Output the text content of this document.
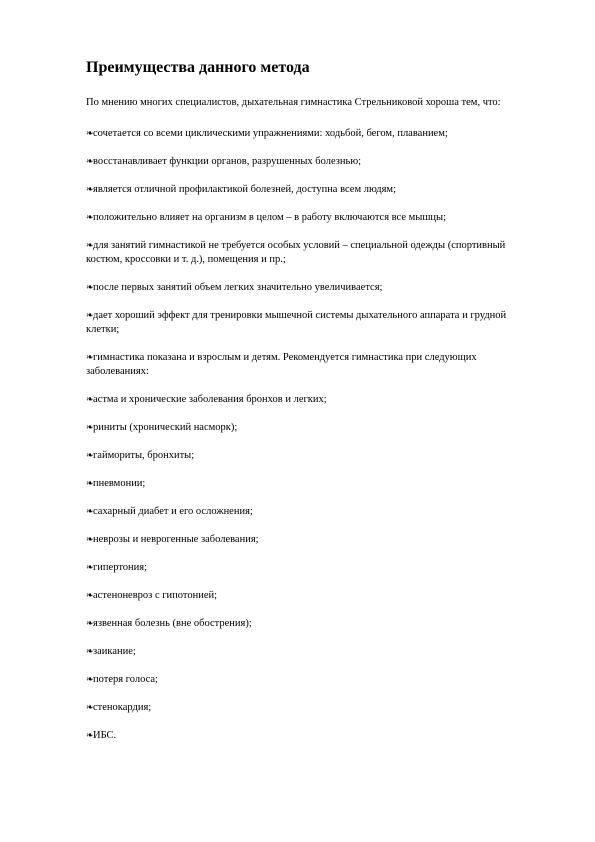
Преимущества данного метода

По мнению многих специалистов, дыхательная гимнастика Стрельниковой хороша тем, что:

❧сочетается со всеми циклическими упражнениями: ходьбой, бегом, плаванием;
❧восстанавливает функции органов, разрушенных болезнью;
❧является отличной профилактикой болезней, доступна всем людям;
❧положительно влияет на организм в целом – в работу включаются все мышцы;
❧для занятий гимнастикой не требуется особых условий – специальной одежды (спортивный костюм, кроссовки и т. д.), помещения и пр.;
❧после первых занятий объем легких значительно увеличивается;
❧дает хороший эффект для тренировки мышечной системы дыхательного аппарата и грудной клетки;
❧гимнастика показана и взрослым и детям. Рекомендуется гимнастика при следующих заболеваниях:
❧астма и хронические заболевания бронхов и легких;
❧риниты (хронический насморк);
❧гаймориты, бронхиты;
❧пневмонии;
❧сахарный диабет и его осложнения;
❧неврозы и неврогенные заболевания;
❧гипертония;
❧астеноневроз с гипотонией;
❧язвенная болезнь (вне обострения);
❧заикание;
❧потеря голоса;
❧стенокардия;
❧ИБС.
